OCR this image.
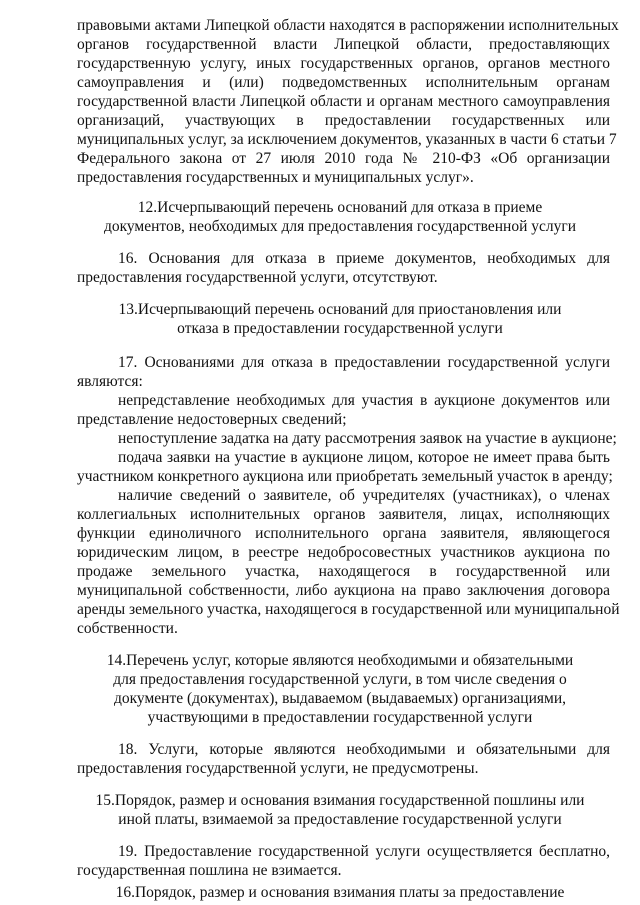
правовыми актами Липецкой области находятся в распоряжении исполнительных
органов государственной власти Липецкой области, предоставляющих
государственную услугу, иных государственных органов, органов местного
самоуправления и (или) подведомственных исполнительным органам
государственной власти Липецкой области и органам местного самоуправления
организаций, участвующих в предоставлении государственных или
муниципальных услуг, за исключением документов, указанных в части 6 статьи 7
Федерального закона от 27 июля 2010 года № 210-ФЗ «Об организации
предоставления государственных и муниципальных услуг».
12.Исчерпывающий перечень оснований для отказа в приеме
документов, необходимых для предоставления государственной услуги
16. Основания для отказа в приеме документов, необходимых для
предоставления государственной услуги, отсутствуют.
13.Исчерпывающий перечень оснований для приостановления или
отказа в предоставлении государственной услуги
17. Основаниями для отказа в предоставлении государственной услуги
являются:
непредставление необходимых для участия в аукционе документов или
представление недостоверных сведений;
непоступление задатка на дату рассмотрения заявок на участие в аукционе;
подача заявки на участие в аукционе лицом, которое не имеет права быть
участником конкретного аукциона или приобретать земельный участок в аренду;
наличие сведений о заявителе, об учредителях (участниках), о членах
коллегиальных исполнительных органов заявителя, лицах, исполняющих
функции единоличного исполнительного органа заявителя, являющегося
юридическим лицом, в реестре недобросовестных участников аукциона по
продаже земельного участка, находящегося в государственной или
муниципальной собственности, либо аукциона на право заключения договора
аренды земельного участка, находящегося в государственной или муниципальной
собственности.
14.Перечень услуг, которые являются необходимыми и обязательными
для предоставления государственной услуги, в том числе сведения о
документе (документах), выдаваемом (выдаваемых) организациями,
участвующими в предоставлении государственной услуги
18. Услуги, которые являются необходимыми и обязательными для
предоставления государственной услуги, не предусмотрены.
15.Порядок, размер и основания взимания государственной пошлины или
иной платы, взимаемой за предоставление государственной услуги
19. Предоставление государственной услуги осуществляется бесплатно,
государственная пошлина не взимается.
16.Порядок, размер и основания взимания платы за предоставление
